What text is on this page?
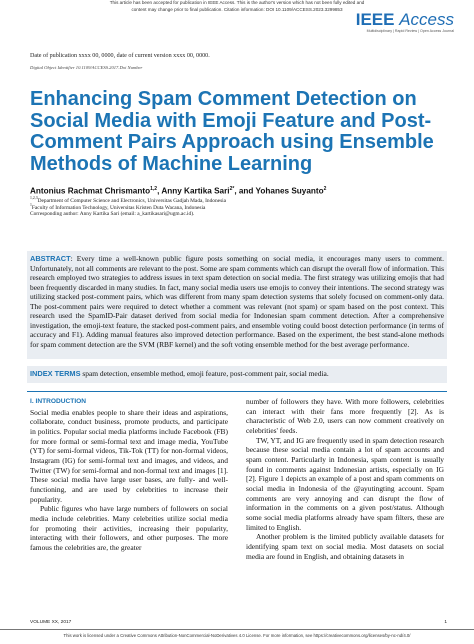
This article has been accepted for publication in IEEE Access. This is the author's version which has not been fully edited and
content may change prior to final publication. Citation information: DOI 10.1109/ACCESS.2023.3299853
IEEE Access
Multidisciplinary | Rapid Review | Open Access Journal
Date of publication xxxx 00, 0000, date of current version xxxx 00, 0000.
Digital Object Identifier 10.1109/ACCESS.2017.Doi Number
Enhancing Spam Comment Detection on Social Media with Emoji Feature and Post-Comment Pairs Approach using Ensemble Methods of Machine Learning
Antonius Rachmat Chrismanto$^{1,2}$, Anny Kartika Sari$^{2*}$, and Yohanes Suyanto$^2$
$^{1,2,3}$Department of Computer Science and Electronics, Universitas Gadjah Mada, Indonesia
$^1$Faculty of Information Technology, Universitas Kristen Duta Wacana, Indonesia
Corresponding author: Anny Kartika Sari (email: a_kartikasari@ugm.ac.id).

ABSTRACT: Every time a well-known public figure posts something on social media, it encourages many users to comment. Unfortunately, not all comments are relevant to the post. Some are spam comments which can disrupt the overall flow of information. This research employed two strategies to address issues in text spam detection on social media. The first strategy was utilizing emojis that had been frequently discarded in many studies. In fact, many social media users use emojis to convey their intentions. The second strategy was utilizing stacked post-comment pairs, which was different from many spam detection systems that solely focused on comment-only data. The post-comment pairs were required to detect whether a comment was relevant (not spam) or spam based on the post context. This research used the SpamID-Pair dataset derived from social media for Indonesian spam comment detection. After a comprehensive investigation, the emoji-text feature, the stacked post-comment pairs, and ensemble voting could boost detection performance (in terms of accuracy and F1). Adding manual features also improved detection performance. Based on the experiment, the best stand-alone methods for spam comment detection are the SVM (RBF kernel) and the soft voting ensemble method for the best average performance.

INDEX TERMS spam detection, ensemble method, emoji feature, post-comment pair, social media.

I. INTRODUCTION

Social media enables people to share their ideas and aspirations, collaborate, conduct business, promote products, and participate in politics. Popular social media platforms include Facebook (FB) for more formal or semi-formal text and image media, YouTube (YT) for semi-formal videos, Tik-Tok (TT) for non-formal videos, Instagram (IG) for semi-formal text and images, and videos, and Twitter (TW) for semi-formal and non-formal text and images [1]. These social media have large user bases, are fully- and well-functioning, and are used by celebrities to increase their popularity.

Public figures who have large numbers of followers on social media include celebrities. Many celebrities utilize social media for promoting their activities, increasing their popularity, interacting with their followers, and other purposes. The more famous the celebrities are, the greater

number of followers they have. With more followers, celebrities can interact with their fans more frequently [2]. As is characteristic of Web 2.0, users can now comment creatively on celebrities' feeds.

TW, YT, and IG are frequently used in spam detection research because these social media contain a lot of spam accounts and spam content. Particularly in Indonesia, spam content is usually found in comments against Indonesian artists, especially on IG [2]. Figure 1 depicts an example of a post and spam comments on social media in Indonesia of the @ayutingting account. Spam comments are very annoying and can disrupt the flow of information in the comments on a given post/status. Although some social media platforms already have spam filters, these are limited to English.

Another problem is the limited publicly available datasets for identifying spam text on social media. Most datasets on social media are found in English, and obtaining datasets in

VOLUME XX, 2017	1
This work is licensed under a Creative Commons Attribution-NonCommercial-NoDerivatives 4.0 License. For more information, see https://creativecommons.org/licenses/by-nc-nd/4.0/
